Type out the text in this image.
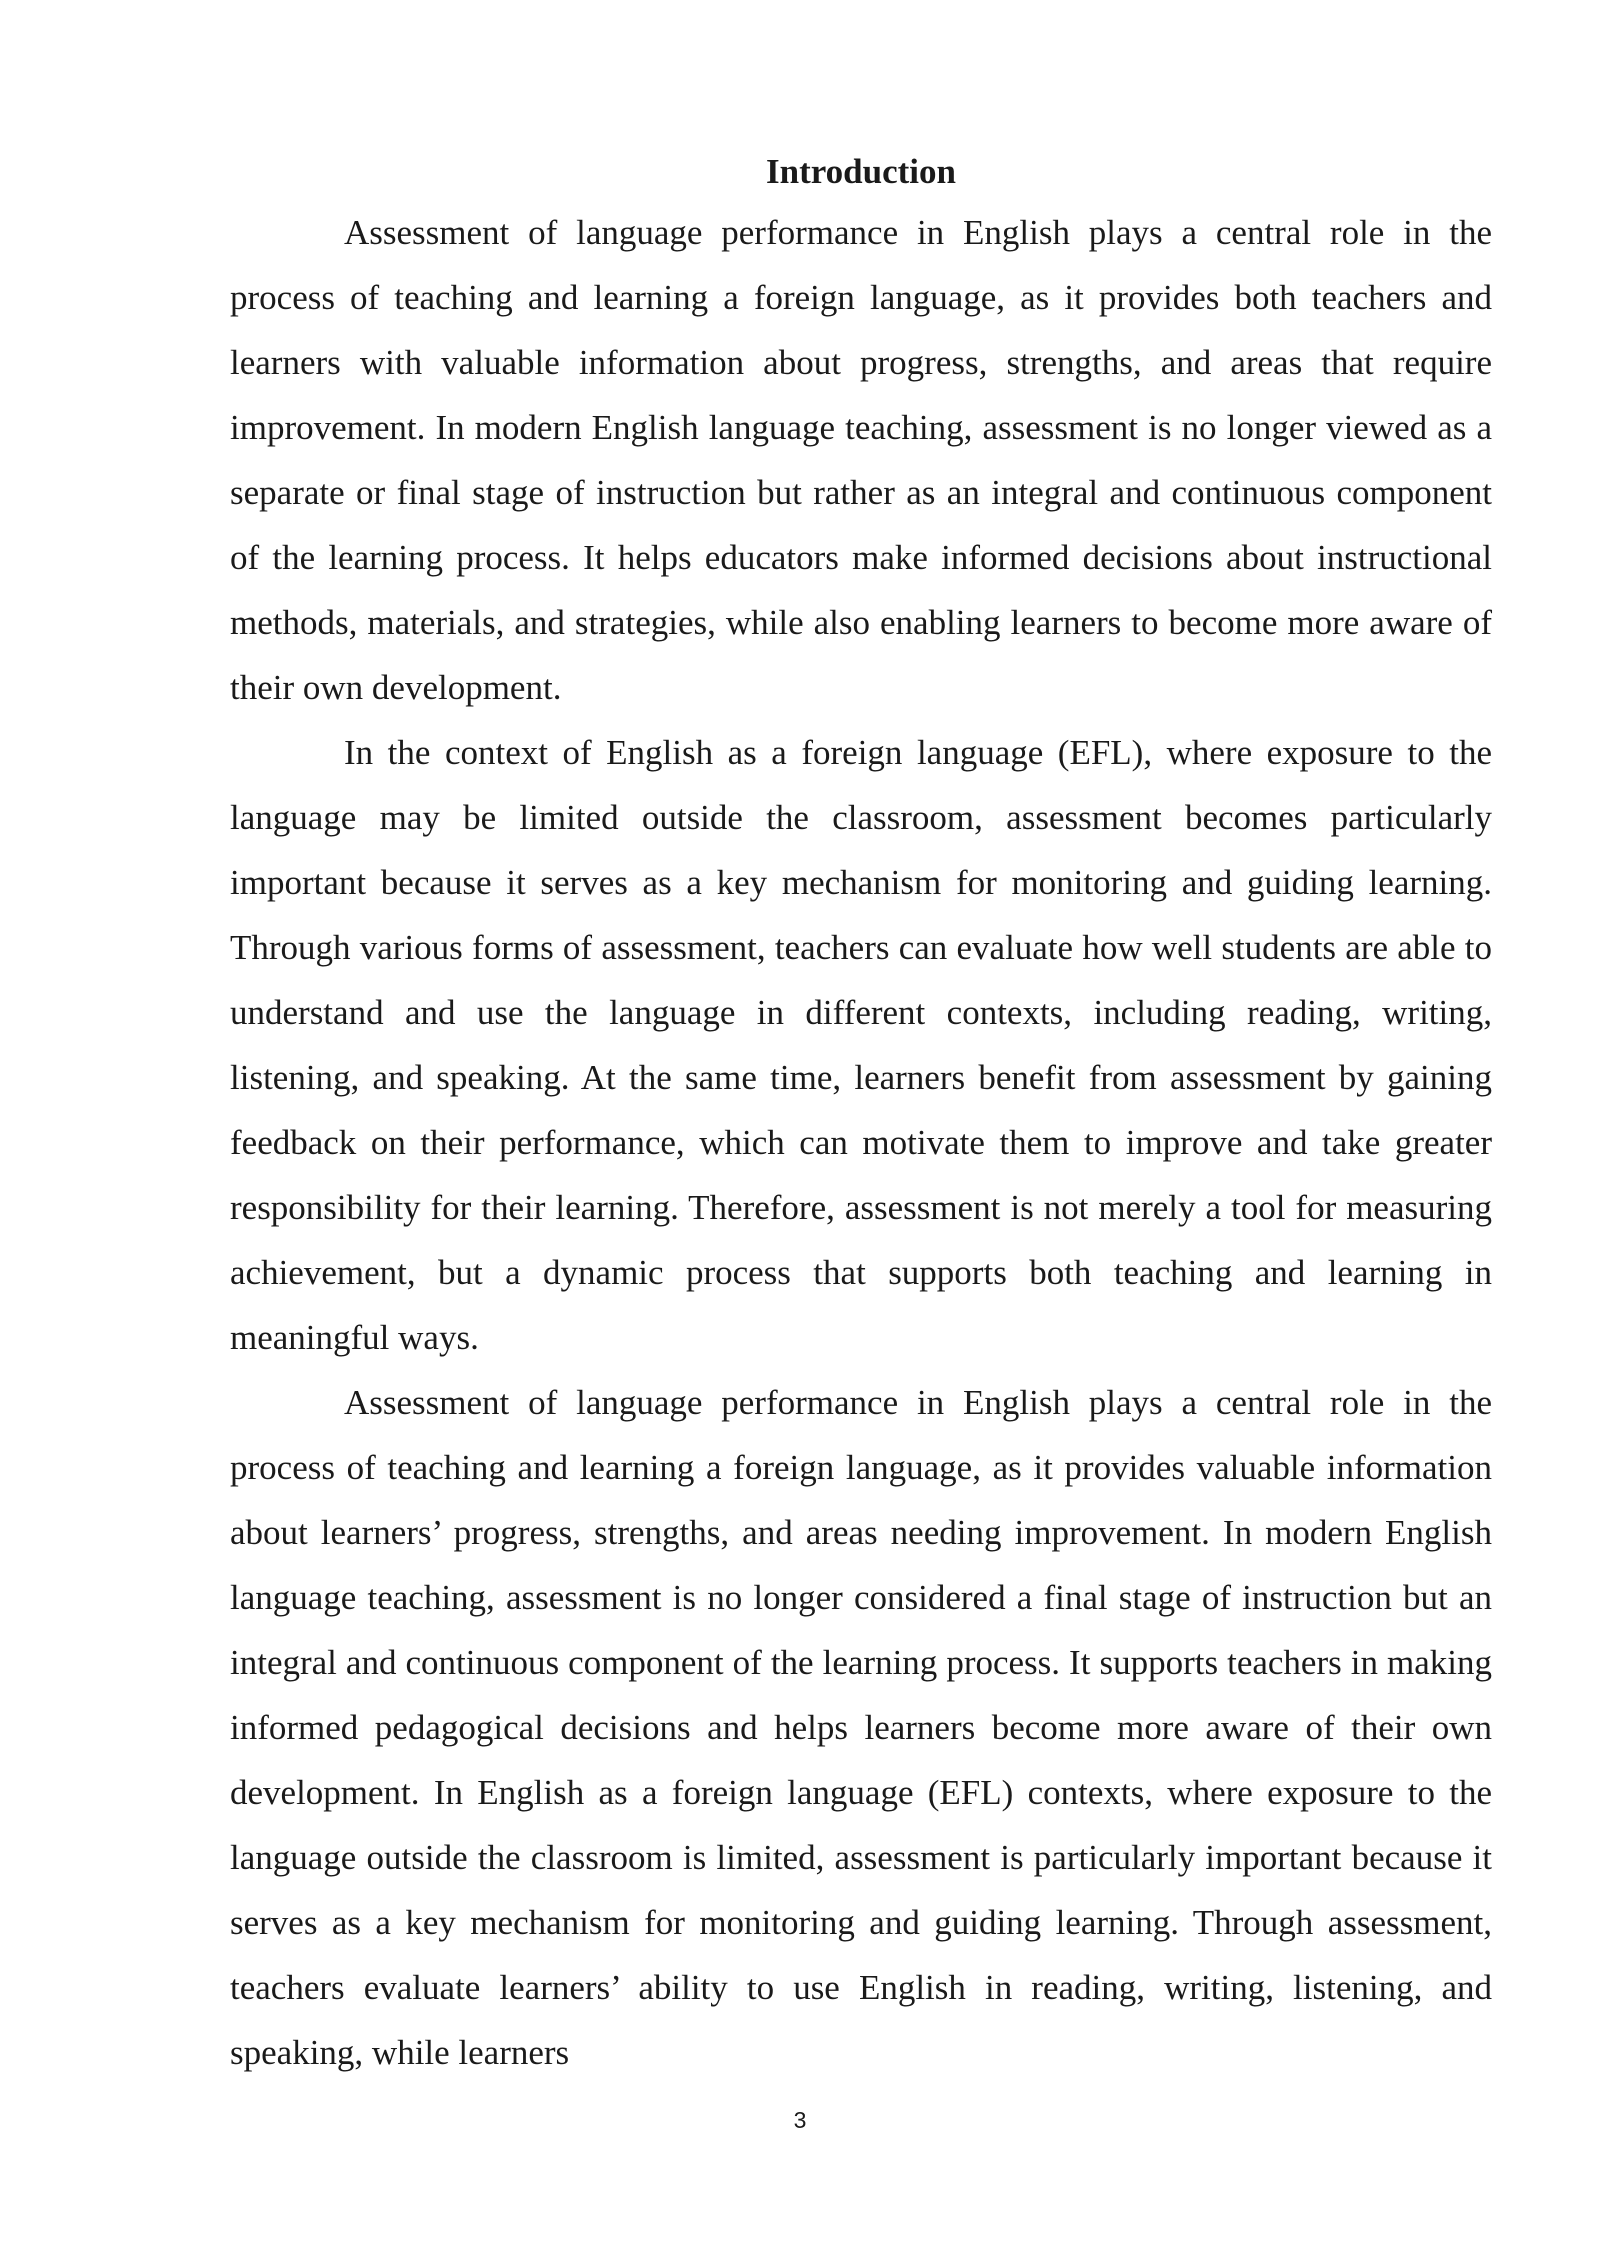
Introduction

Assessment of language performance in English plays a central role in the process of teaching and learning a foreign language, as it provides both teachers and learners with valuable information about progress, strengths, and areas that require improvement. In modern English language teaching, assessment is no longer viewed as a separate or final stage of instruction but rather as an integral and continuous component of the learning process. It helps educators make informed decisions about instructional methods, materials, and strategies, while also enabling learners to become more aware of their own development.

In the context of English as a foreign language (EFL), where exposure to the language may be limited outside the classroom, assessment becomes particularly important because it serves as a key mechanism for monitoring and guiding learning. Through various forms of assessment, teachers can evaluate how well students are able to understand and use the language in different contexts, including reading, writing, listening, and speaking. At the same time, learners benefit from assessment by gaining feedback on their performance, which can motivate them to improve and take greater responsibility for their learning. Therefore, assessment is not merely a tool for measuring achievement, but a dynamic process that supports both teaching and learning in meaningful ways.

Assessment of language performance in English plays a central role in the process of teaching and learning a foreign language, as it provides valuable information about learners’ progress, strengths, and areas needing improvement. In modern English language teaching, assessment is no longer considered a final stage of instruction but an integral and continuous component of the learning process. It supports teachers in making informed pedagogical decisions and helps learners become more aware of their own development. In English as a foreign language (EFL) contexts, where exposure to the language outside the classroom is limited, assessment is particularly important because it serves as a key mechanism for monitoring and guiding learning. Through assessment, teachers evaluate learners’ ability to use English in reading, writing, listening, and speaking, while learners

3
